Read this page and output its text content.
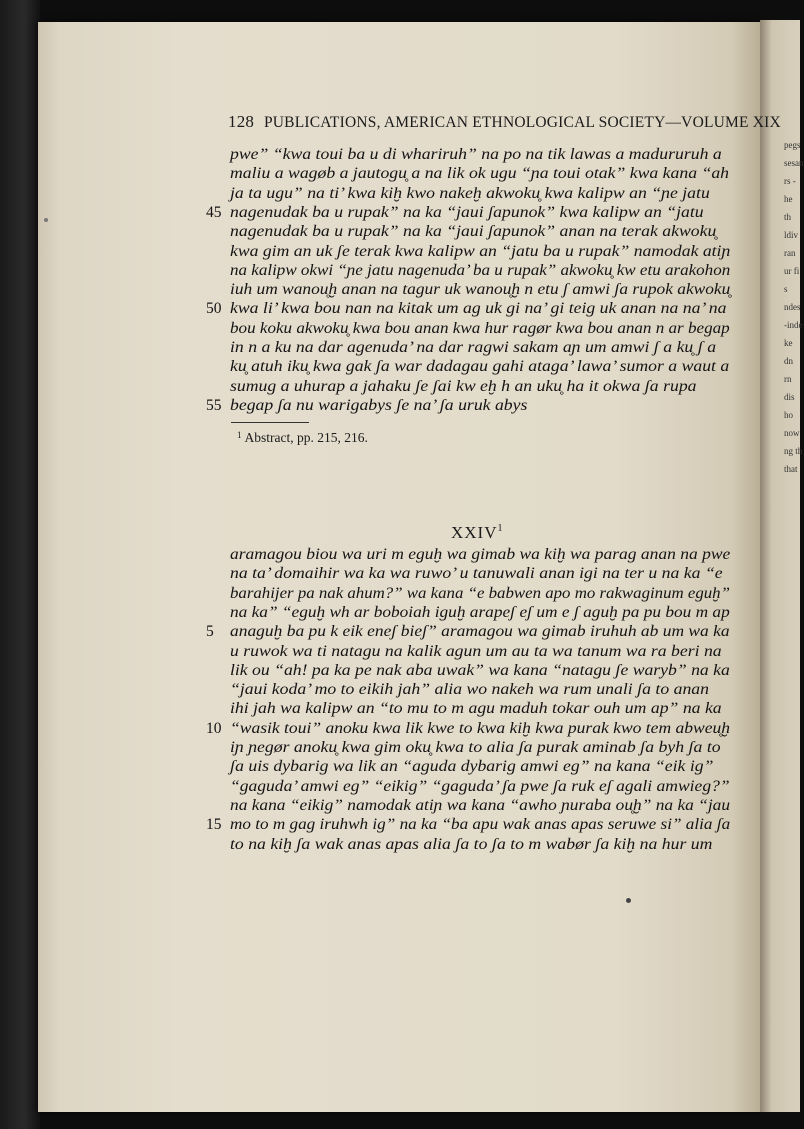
pegs
sesan
rs -
he
th
ldiv
ran
ur fi
s
ndes
-inde
ke
dn
rn
dis
ho
now
ng th
that
128 PUBLICATIONS, AMERICAN ETHNOLOGICAL SOCIETY—VOLUME XIX
pwe” “kwa toui ba u di whariruh” na po na tik lawas a madururuh a
maliu a wagøb a jautogu̥ a na lik ok ugu “ɲa toui otak” kwa kana “ah
ja ta ugu” na ti’ kwa kiḫ kwo nakeḫ akwoku̥ kwa kalipw an “ɲe jatu
nagenudak ba u rupak” na ka “jaui ʃapunok” kwa kalipw an “jatu
45
nagenudak ba u rupak” na ka “jaui ʃapunok” anan na terak akwoku̥
kwa gim an uk ʃe terak kwa kalipw an “jatu ba u rupak” namodak atiɲ
na kalipw okwi “ɲe jatu nagenuda’ ba u rupak” akwoku̥ kw etu arakohon
iuh um wanou̥ḫ anan na tagur uk wanou̥ḫ n etu ʃ amwi ʃa rupok akwoku̥
kwa li’ kwa bou nan na kitak um ag uk gi na’ gi teig uk anan na na’ na
50
bou koku akwoku̥ kwa bou anan kwa hur ragør kwa bou anan n ar begap
in n a ku na dar agenuda’ na dar ragwi sakam aɲ um amwi ʃ a ku̥ ʃ a
ku̥ atuh iku̥ kwa gak ʃa war dadagau gahi ataga’ lawa’ sumor a waut a
sumug a uhurap a jahaku ʃe ʃai kw eḫ h an uku̥ ha it okwa ʃa rupa
begap ʃa nu warigabys ʃe na’ ʃa uruk abys
55
$^1$ Abstract, pp. 215, 216.
XXIV$^1$
aramagou biou wa uri m eguḫ wa gimab wa kiḫ wa parag anan na pwe
na ta’ domaihir wa ka wa ruwo’ u tanuwali anan igi na ter u na ka “e
barahijer pa nak ahum?” wa kana “e babwen apo mo rakwaginum eguḫ”
na ka” “eguḫ wh ar boboiah iguḫ arapeʃ eʃ um e ʃ aguḫ pa pu bou m ap
anaguḫ ba pu k eik eneʃ bieʃ” aramagou wa gimab iruhuh ab um wa ka
5
u ruwok wa ti natagu na kalik agun um au ta wa tanum wa ra beri na
lik ou “ah! pa ka pe nak aba uwak” wa kana “natagu ʃe waryb” na ka
“jaui koda’ mo to eikih jah” alia wo nakeh wa rum unali ʃa to anan
ihi jah wa kalipw an “to mu to m agu maduh tokar ouh um ap” na ka
“wasik toui” anoku kwa lik kwe to kwa kiḫ kwa purak kwo tem abweu̥ḫ
10
iɲ ɲegør anoku̥ kwa gim oku̥ kwa to alia ʃa purak aminab ʃa byh ʃa to
ʃa uis dybarig wa lik an “aguda dybarig amwi eg” na kana “eik ig”
“gaguda’ amwi eg” “eikig” “gaguda’ ʃa pwe ʃa ruk eʃ agali amwieg?”
na kana “eikig” namodak atiɲ wa kana “awho ɲuraba ou̥ḫ” na ka “jau
mo to m gag iruhwh ig” na ka “ba apu wak anas apas seruwe si” alia ʃa
15
to na kiḫ ʃa wak anas apas alia ʃa to ʃa to m wabør ʃa kiḫ na hur um
